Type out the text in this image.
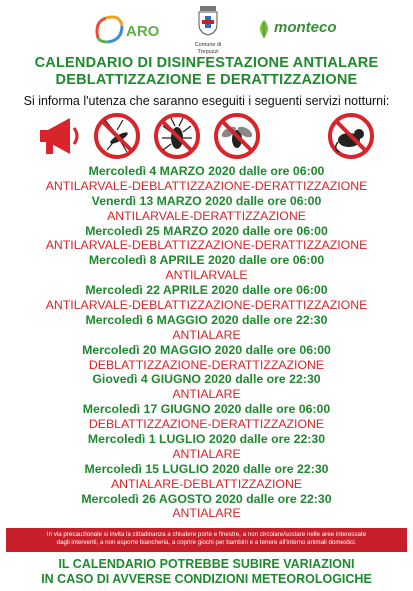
ARO
Comune di
Trepuzzi
monteco
CALENDARIO DI DISINFESTAZIONE ANTIALARE
DEBLATTIZZAZIONE E DERATTIZZAZIONE
Si informa l'utenza che saranno eseguiti i seguenti servizi notturni:
Mercoledì 4 MARZO 2020 dalle ore 06:00
ANTILARVALE-DEBLATTIZZAZIONE-DERATTIZZAZIONE
Venerdì 13 MARZO 2020 dalle ore 06:00
ANTILARVALE-DERATTIZZAZIONE
Mercoledì 25 MARZO 2020 dalle ore 06:00
ANTILARVALE-DEBLATTIZZAZIONE-DERATTIZZAZIONE
Mercoledì 8 APRILE 2020 dalle ore 06:00
ANTILARVALE
Mercoledì 22 APRILE 2020 dalle ore 06:00
ANTILARVALE-DEBLATTIZZAZIONE-DERATTIZZAZIONE
Mercoledì 6 MAGGIO 2020 dalle ore 22:30
ANTIALARE
Mercoledì 20 MAGGIO 2020 dalle ore 06:00
DEBLATTIZZAZIONE-DERATTIZZAZIONE
Giovedì 4 GIUGNO 2020 dalle ore 22:30
ANTIALARE
Mercoledì 17 GIUGNO 2020 dalle ore 06:00
DEBLATTIZZAZIONE-DERATTIZZAZIONE
Mercoledì 1 LUGLIO 2020 dalle ore 22:30
ANTIALARE
Mercoledì 15 LUGLIO 2020 dalle ore 22:30
ANTIALARE-DEBLATTIZZAZIONE
Mercoledì 26 AGOSTO 2020 dalle ore 22:30
ANTIALARE
In via precauzionale si invita la cittadinanza a chiudere porte e finestre, a non circolare/sostare nelle aree interessate
dagli interventi, a non esporre biancheria, a coprire giochi per bambini e a tenere all'interno animali domestici.
IL CALENDARIO POTREBBE SUBIRE VARIAZIONI
IN CASO DI AVVERSE CONDIZIONI METEOROLOGICHE
